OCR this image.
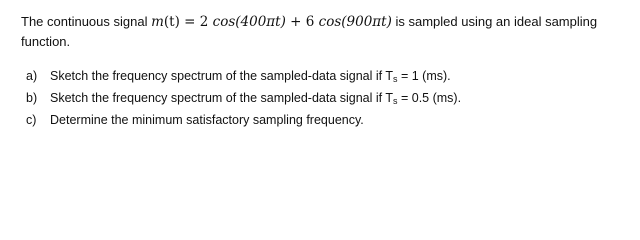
The continuous signal m(t) = 2 cos(400πt) + 6 cos(900πt) is sampled using an ideal sampling

function.

a)	Sketch the frequency spectrum of the sampled-data signal if $T_s = 1$ (ms).
b)	Sketch the frequency spectrum of the sampled-data signal if $T_s = 0.5$ (ms).
c)	Determine the minimum satisfactory sampling frequency.
